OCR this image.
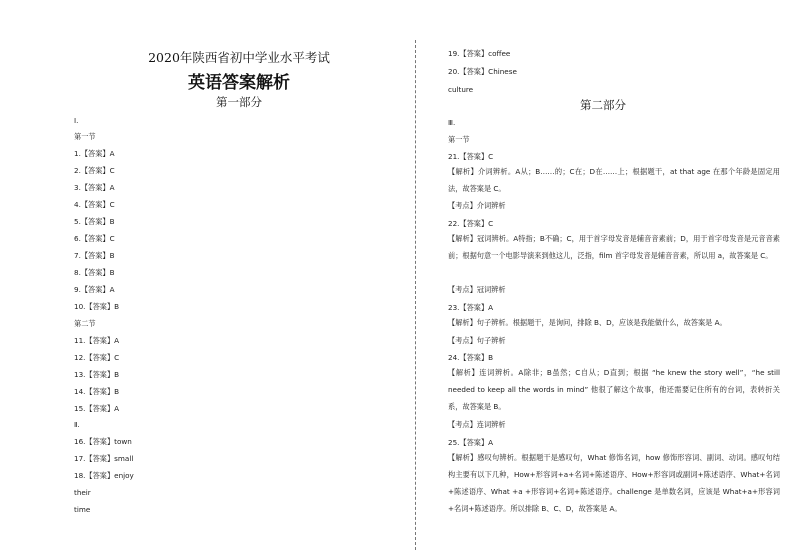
2020年陕西省初中学业水平考试
英语答案解析
第一部分
Ⅰ.
第一节
1.【答案】A
2.【答案】C
3.【答案】A
4.【答案】C
5.【答案】B
6.【答案】C
7.【答案】B
8.【答案】B
9.【答案】A
10.【答案】B
第二节
11.【答案】A
12.【答案】C
13.【答案】B
14.【答案】B
15.【答案】A
Ⅱ.
16.【答案】town
17.【答案】small
18.【答案】enjoy
their
time
19.【答案】coffee
20.【答案】Chinese
culture
第二部分
Ⅲ.
第一节
21.【答案】C
【解析】介词辨析。A从；B……的；C在；D在……上；根据题干，at that age 在那个年龄是固定用法，故答案是 C。
【考点】介词辨析
22.【答案】C
【解析】冠词辨析。A特指；B不确；C，用于首字母发音是辅音音素前；D，用于首字母发音是元音音素前；根据句意一个电影导演来到他这儿，泛指，film 首字母发音是辅音音素，所以用 a，故答案是 C。
【考点】冠词辨析
23.【答案】A
【解析】句子辨析。根据题干，是询问，排除 B、D，应该是我能做什么，故答案是 A。
【考点】句子辨析
24.【答案】B
【解析】连词辨析。A除非；B虽然；C自从；D直到；根据 “he knew the story well”，“he still needed to keep all the words in mind” 他很了解这个故事，他还需要记住所有的台词，表转折关系，故答案是 B。
【考点】连词辨析
25.【答案】A
【解析】感叹句辨析。根据题干是感叹句，What 修饰名词，how 修饰形容词、副词、动词。感叹句结构主要有以下几种，How+形容词+a+名词+陈述语序、How+形容词或副词+陈述语序、What+名词+陈述语序、What +a +形容词+名词+陈述语序。challenge 是单数名词，应该是 What+a+形容词+名词+陈述语序。所以排除 B、C、D，故答案是 A。
